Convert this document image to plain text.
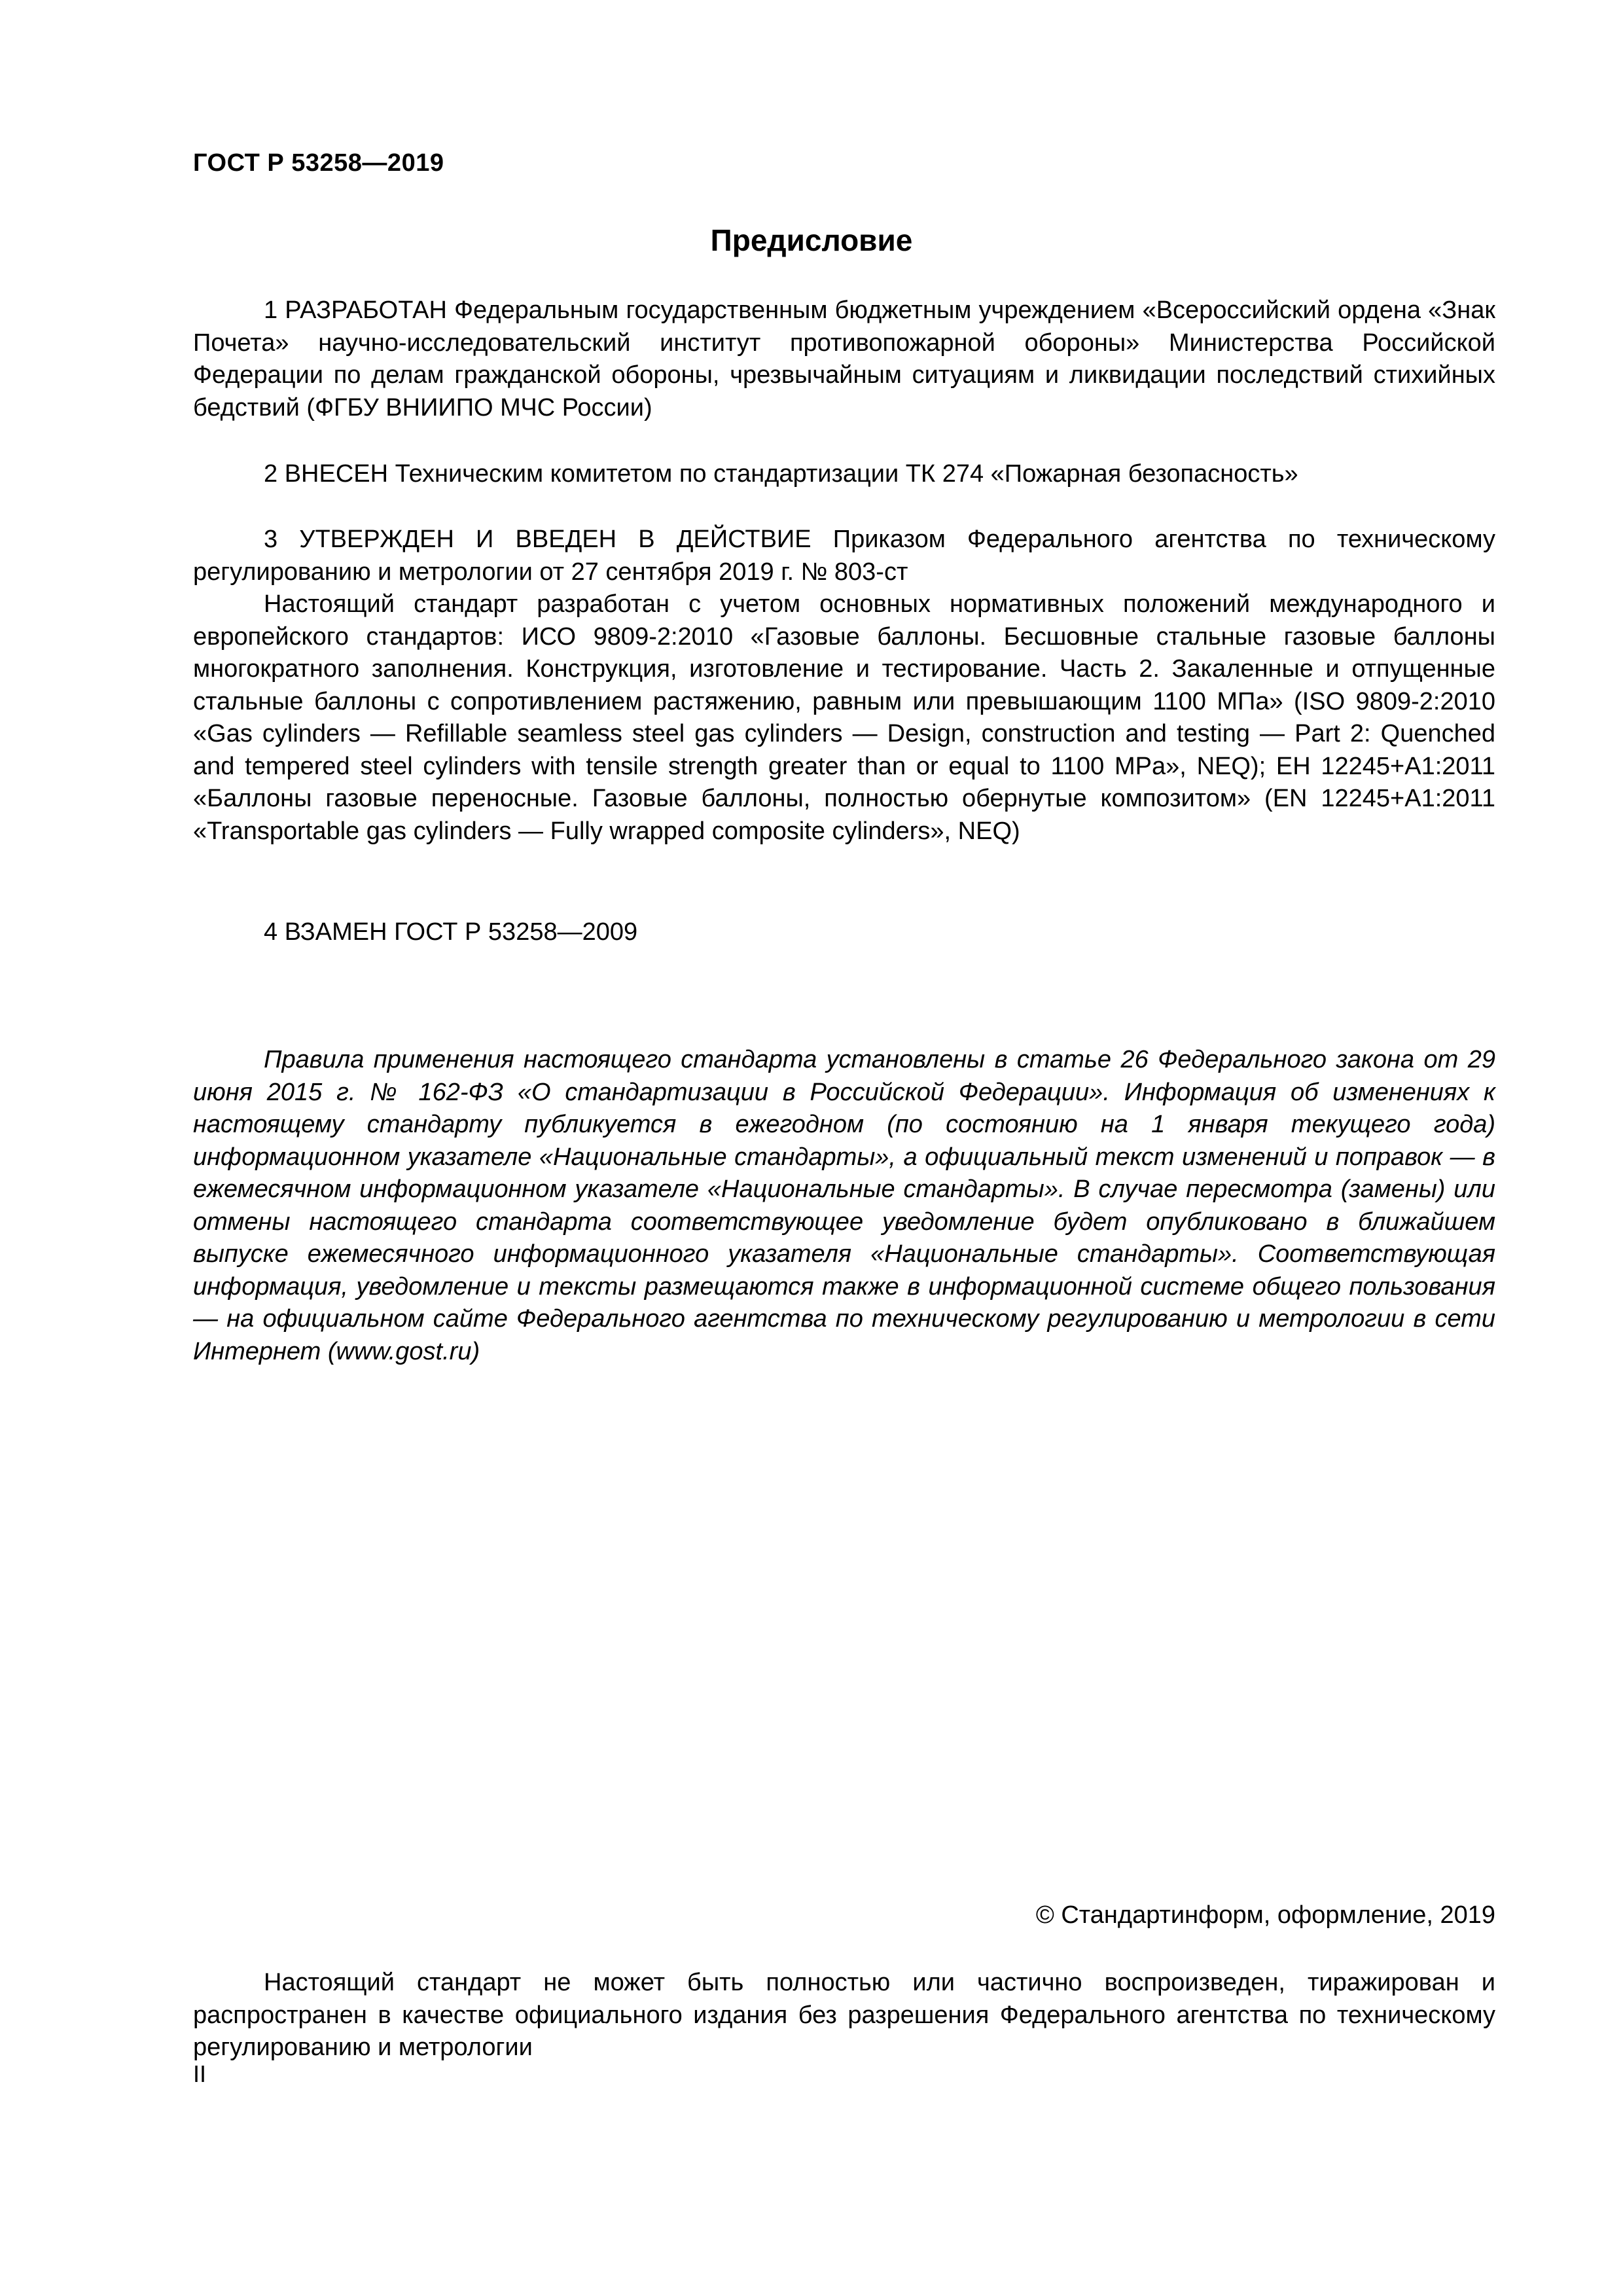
ГОСТ Р 53258—2019
Предисловие

1 РАЗРАБОТАН Федеральным государственным бюджетным учреждением «Всероссийский ордена «Знак Почета» научно-исследовательский институт противопожарной обороны» Министерства Российской Федерации по делам гражданской обороны, чрезвычайным ситуациям и ликвидации последствий стихийных бедствий (ФГБУ ВНИИПО МЧС России)

2 ВНЕСЕН Техническим комитетом по стандартизации ТК 274 «Пожарная безопасность»

3 УТВЕРЖДЕН И ВВЕДЕН В ДЕЙСТВИЕ Приказом Федерального агентства по техническому регулированию и метрологии от 27 сентября 2019 г. № 803-ст

Настоящий стандарт разработан с учетом основных нормативных положений международного и европейского стандартов: ИСО 9809-2:2010 «Газовые баллоны. Бесшовные стальные газовые баллоны многократного заполнения. Конструкция, изготовление и тестирование. Часть 2. Закаленные и отпущенные стальные баллоны с сопротивлением растяжению, равным или превышающим 1100 МПа» (ISO 9809-2:2010 «Gas cylinders — Refillable seamless steel gas cylinders — Design, construction and testing — Part 2: Quenched and tempered steel cylinders with tensile strength greater than or equal to 1100 MPa», NEQ); ЕН 12245+А1:2011 «Баллоны газовые переносные. Газовые баллоны, полностью обернутые композитом» (EN 12245+A1:2011 «Transportable gas cylinders — Fully wrapped composite cylinders», NEQ)

4 ВЗАМЕН ГОСТ Р 53258—2009

Правила применения настоящего стандарта установлены в статье 26 Федерального закона от 29 июня 2015 г. № 162-ФЗ «О стандартизации в Российской Федерации». Информация об изменениях к настоящему стандарту публикуется в ежегодном (по состоянию на 1 января текущего года) информационном указателе «Национальные стандарты», а официальный текст изменений и поправок — в ежемесячном информационном указателе «Национальные стандарты». В случае пересмотра (замены) или отмены настоящего стандарта соответствующее уведомление будет опубликовано в ближайшем выпуске ежемесячного информационного указателя «Национальные стандарты». Соответствующая информация, уведомление и тексты размещаются также в информационной системе общего пользования — на официальном сайте Федерального агентства по техническому регулированию и метрологии в сети Интернет (www.gost.ru)

© Стандартинформ, оформление, 2019

Настоящий стандарт не может быть полностью или частично воспроизведен, тиражирован и распространен в качестве официального издания без разрешения Федерального агентства по техническому регулированию и метрологии

II
